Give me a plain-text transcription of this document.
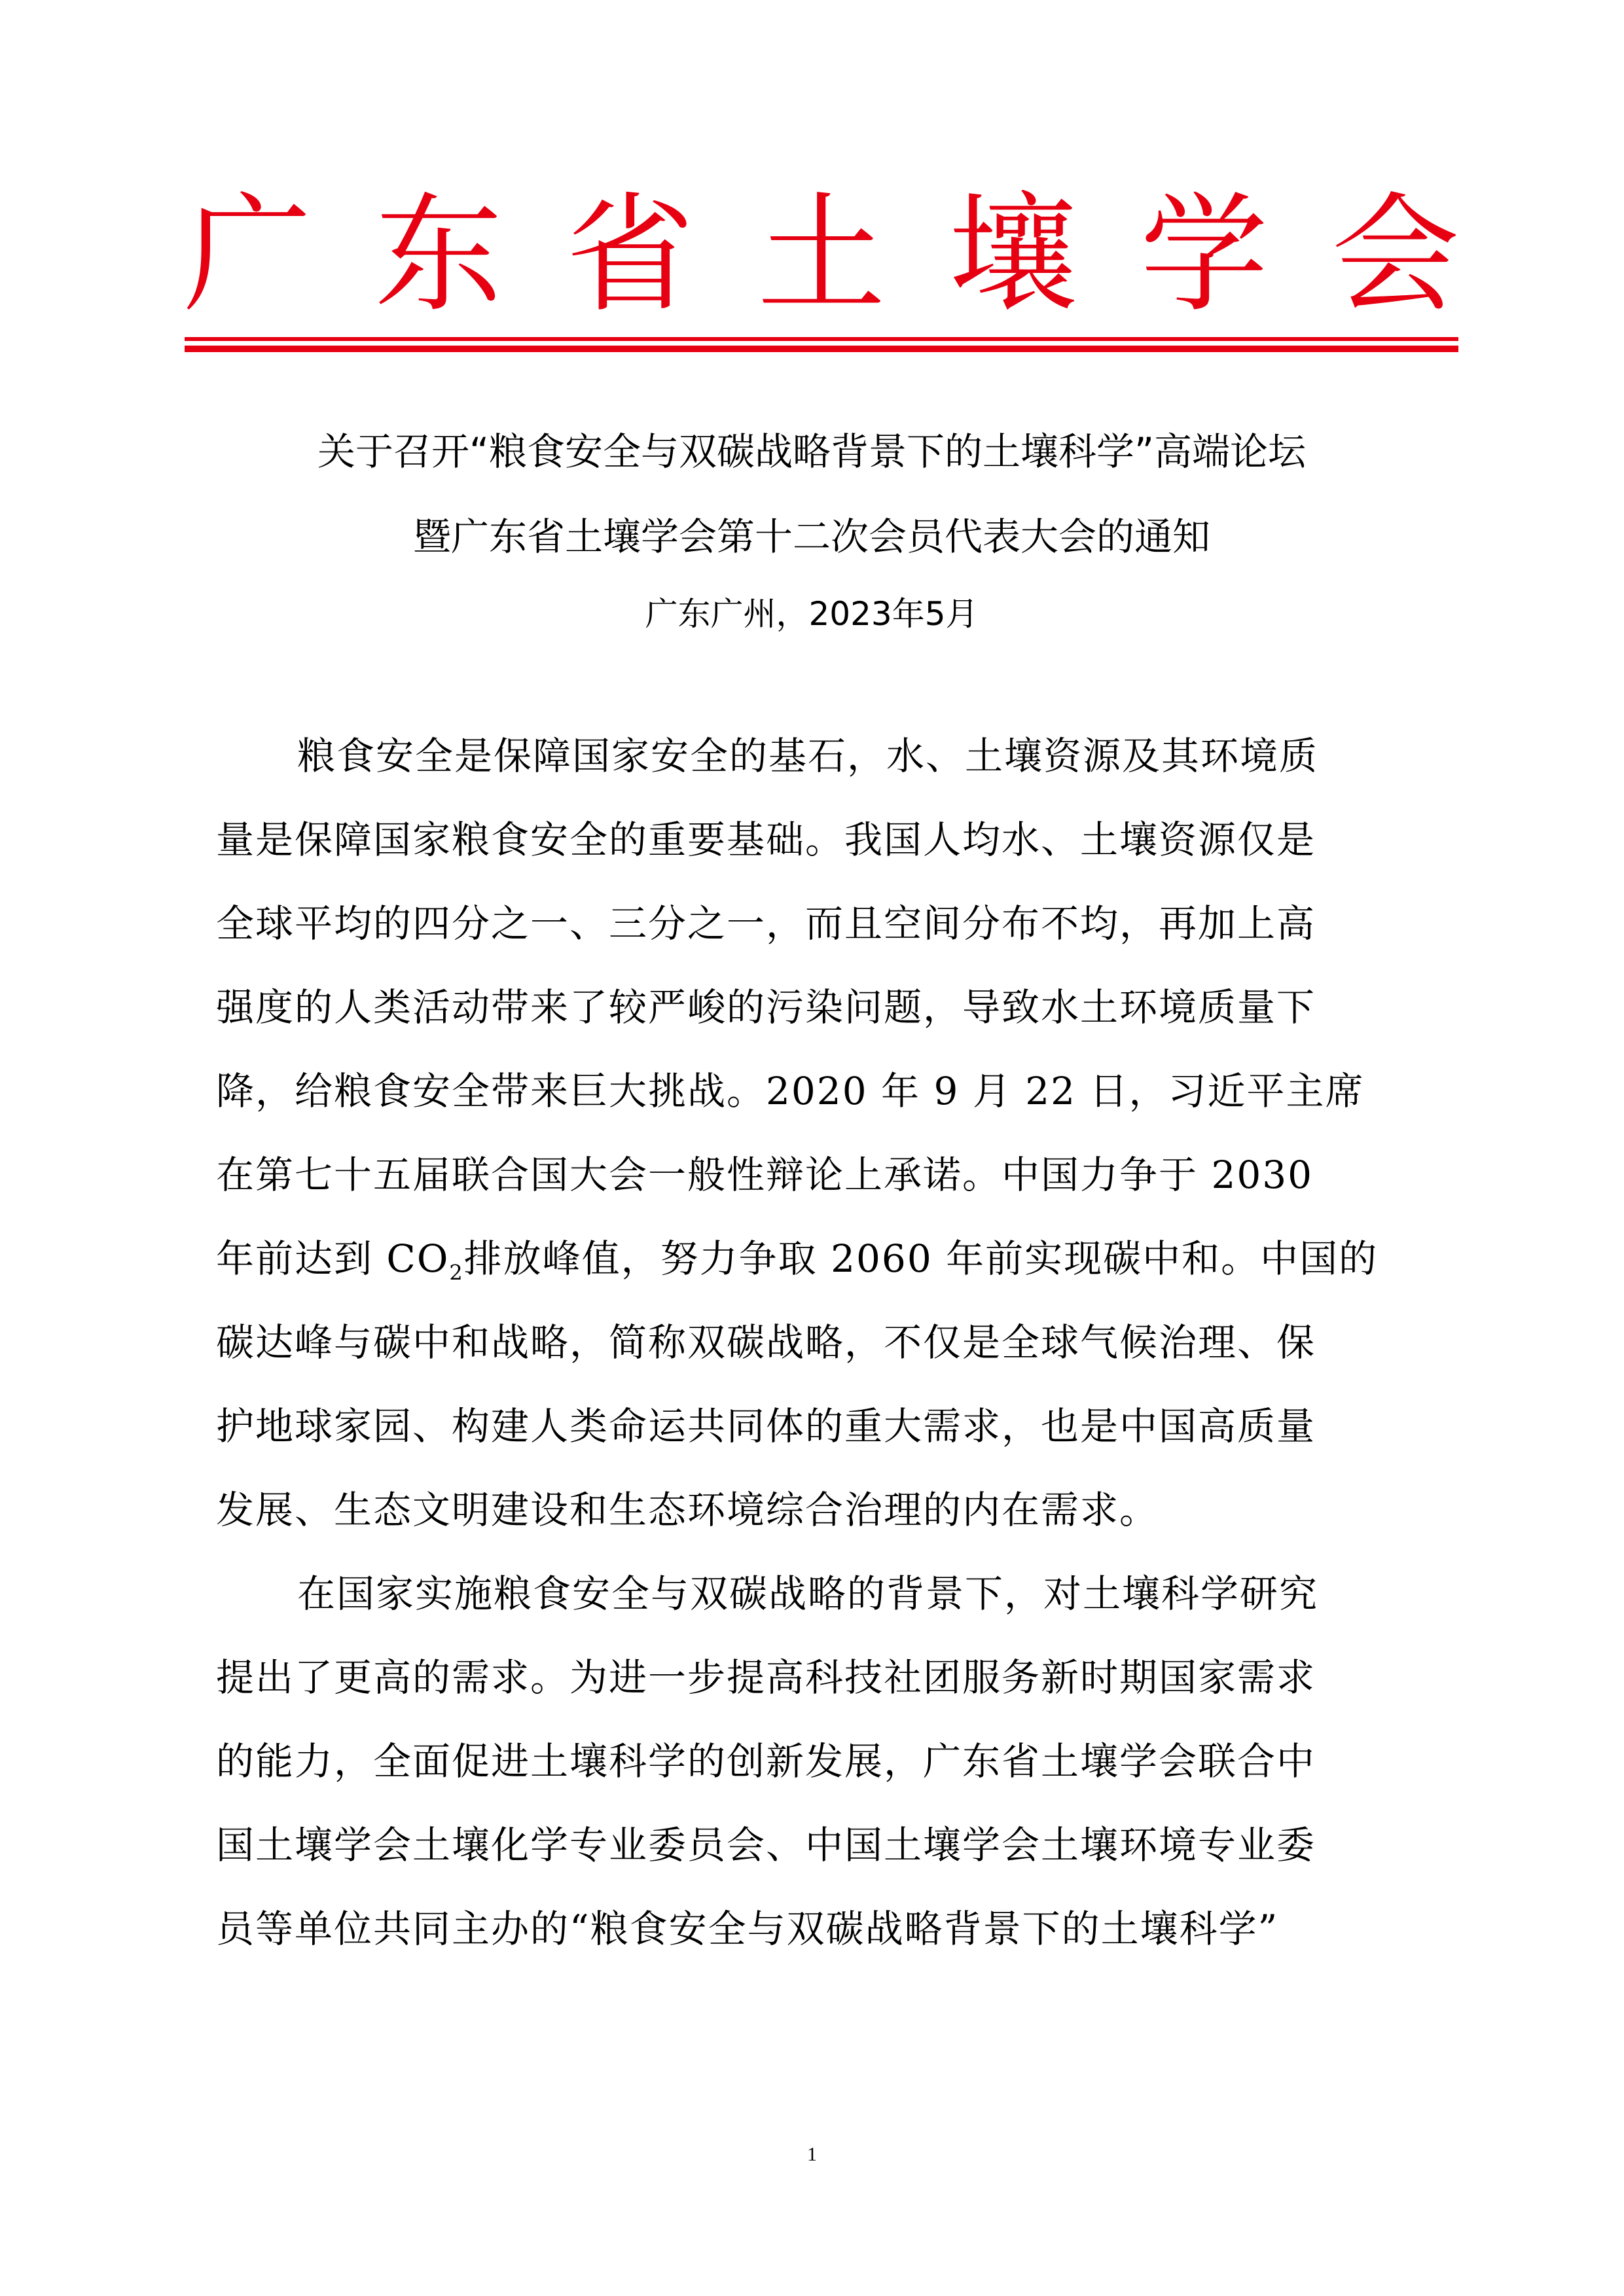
广 东 省 土 壤 学 会
关于召开“粮食安全与双碳战略背景下的土壤科学”高端论坛
暨广东省土壤学会第十二次会员代表大会的通知
广东广州，2023年5月
粮食安全是保障国家安全的基石，水、土壤资源及其环境质
量是保障国家粮食安全的重要基础。我国人均水、土壤资源仅是
全球平均的四分之一、三分之一，而且空间分布不均，再加上高
强度的人类活动带来了较严峻的污染问题，导致水土环境质量下
降，给粮食安全带来巨大挑战。2020 年 9 月 22 日，习近平主席
在第七十五届联合国大会一般性辩论上承诺。中国力争于 2030
年前达到 $CO_2$排放峰值，努力争取 2060 年前实现碳中和。中国的
碳达峰与碳中和战略，简称双碳战略，不仅是全球气候治理、保
护地球家园、构建人类命运共同体的重大需求，也是中国高质量
发展、生态文明建设和生态环境综合治理的内在需求。
在国家实施粮食安全与双碳战略的背景下，对土壤科学研究
提出了更高的需求。为进一步提高科技社团服务新时期国家需求
的能力，全面促进土壤科学的创新发展，广东省土壤学会联合中
国土壤学会土壤化学专业委员会、中国土壤学会土壤环境专业委
员等单位共同主办的“粮食安全与双碳战略背景下的土壤科学”
1
